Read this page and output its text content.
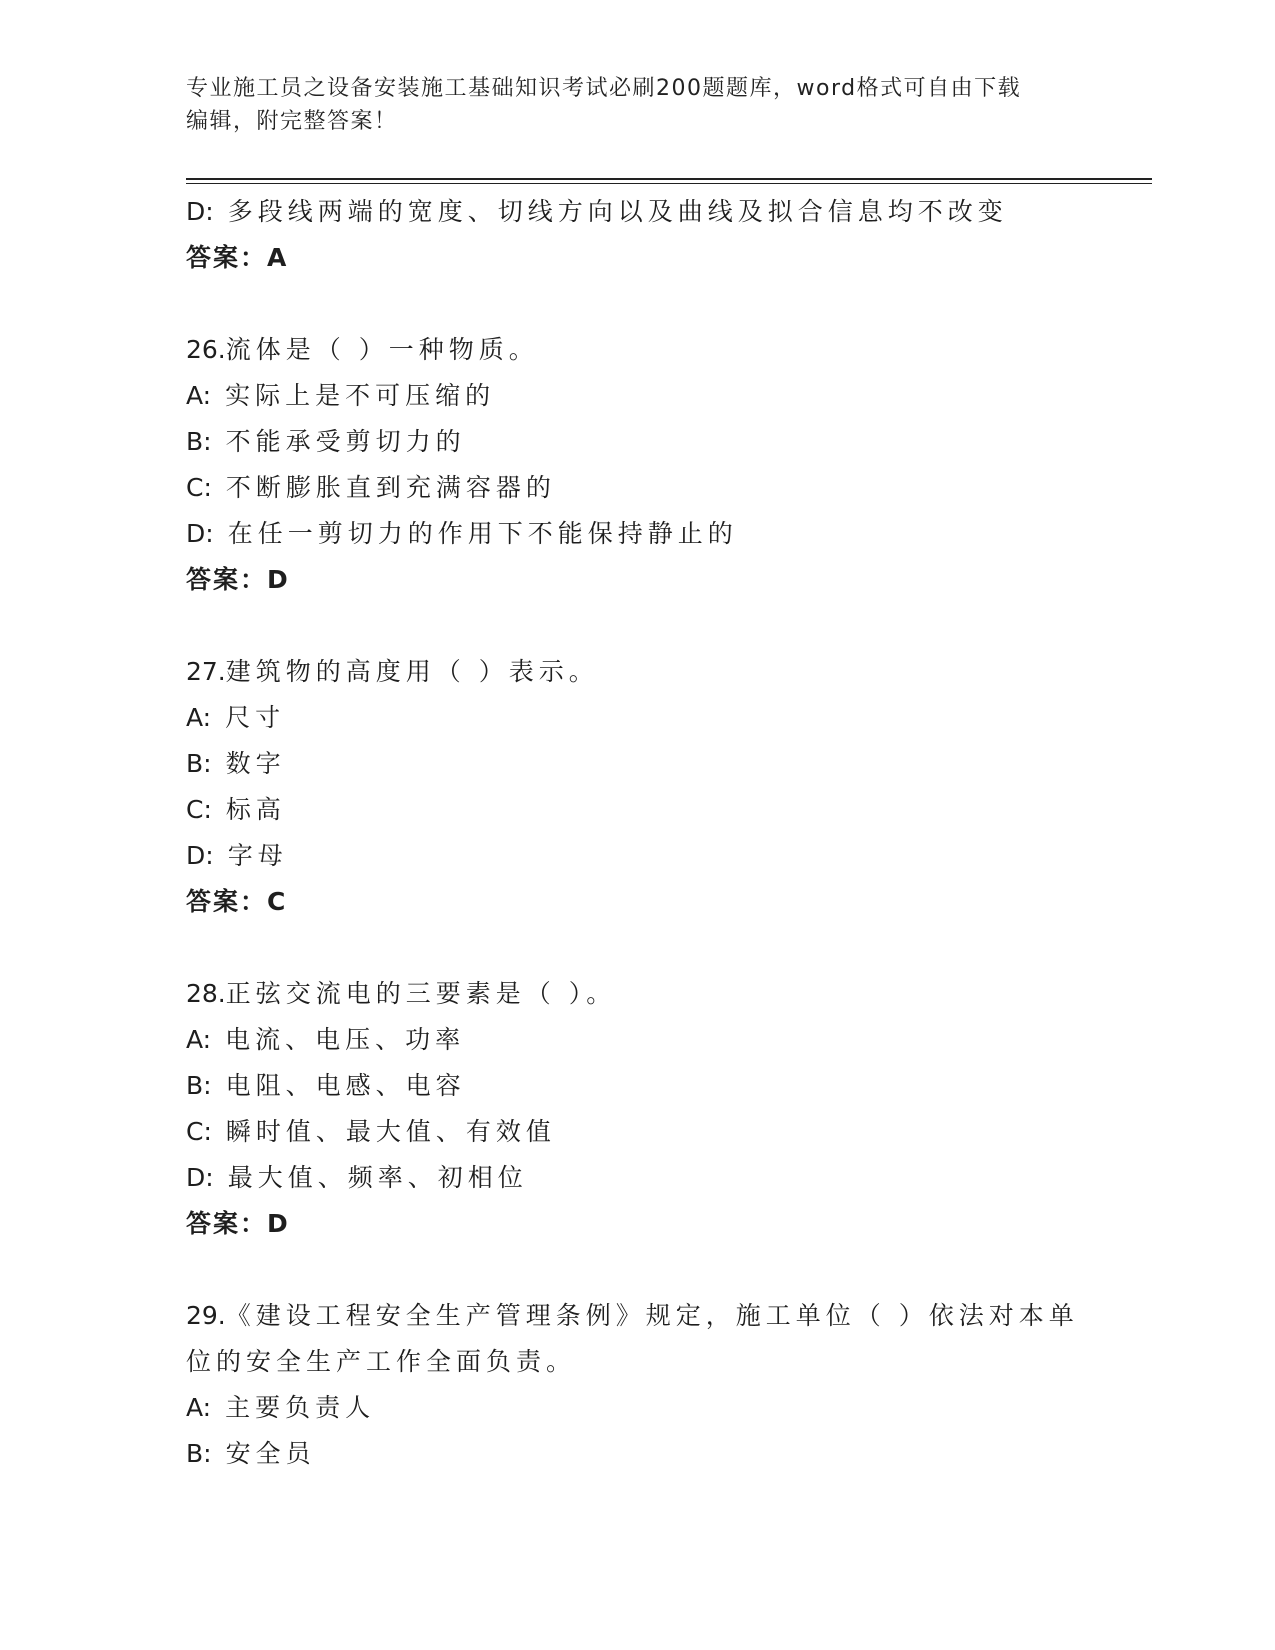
专业施工员之设备安装施工基础知识考试必刷200题题库，word格式可自由下载
编辑，附完整答案！
D: 多段线两端的宽度、切线方向以及曲线及拟合信息均不改变
答案：A
26.流体是（ ）一种物质。
A: 实际上是不可压缩的
B: 不能承受剪切力的
C: 不断膨胀直到充满容器的
D: 在任一剪切力的作用下不能保持静止的
答案：D
27.建筑物的高度用（ ）表示。
A: 尺寸
B: 数字
C: 标高
D: 字母
答案：C
28.正弦交流电的三要素是（ ）。
A: 电流、电压、功率
B: 电阻、电感、电容
C: 瞬时值、最大值、有效值
D: 最大值、频率、初相位
答案：D
29.《建设工程安全生产管理条例》规定，施工单位（ ）依法对本单
位的安全生产工作全面负责。
A: 主要负责人
B: 安全员
